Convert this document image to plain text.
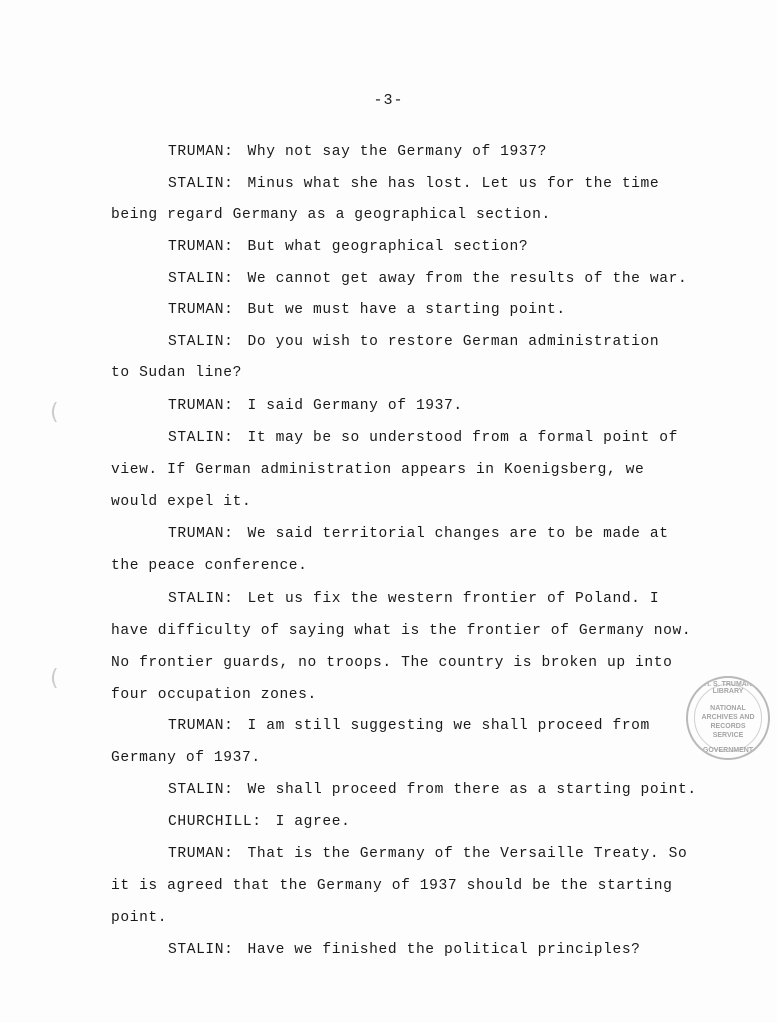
-3-
TRUMAN: Why not say the Germany of 1937?
STALIN: Minus what she has lost. Let us for the time
being regard Germany as a geographical section.
TRUMAN: But what geographical section?
STALIN: We cannot get away from the results of the war.
TRUMAN: But we must have a starting point.
STALIN: Do you wish to restore German administration
to Sudan line?
TRUMAN: I said Germany of 1937.
STALIN: It may be so understood from a formal point of
view. If German administration appears in Koenigsberg, we
would expel it.
TRUMAN: We said territorial changes are to be made at
the peace conference.
STALIN: Let us fix the western frontier of Poland. I
have difficulty of saying what is the frontier of Germany now.
No frontier guards, no troops. The country is broken up into
four occupation zones.
TRUMAN: I am still suggesting we shall proceed from
Germany of 1937.
STALIN: We shall proceed from there as a starting point.
CHURCHILL: I agree.
TRUMAN: That is the Germany of the Versaille Treaty. So
it is agreed that the Germany of 1937 should be the starting
point.
STALIN: Have we finished the political principles?
H. S. TRUMAN LIBRARY
NATIONAL
ARCHIVES AND
RECORDS
SERVICE
GOVERNMENT
(
(
